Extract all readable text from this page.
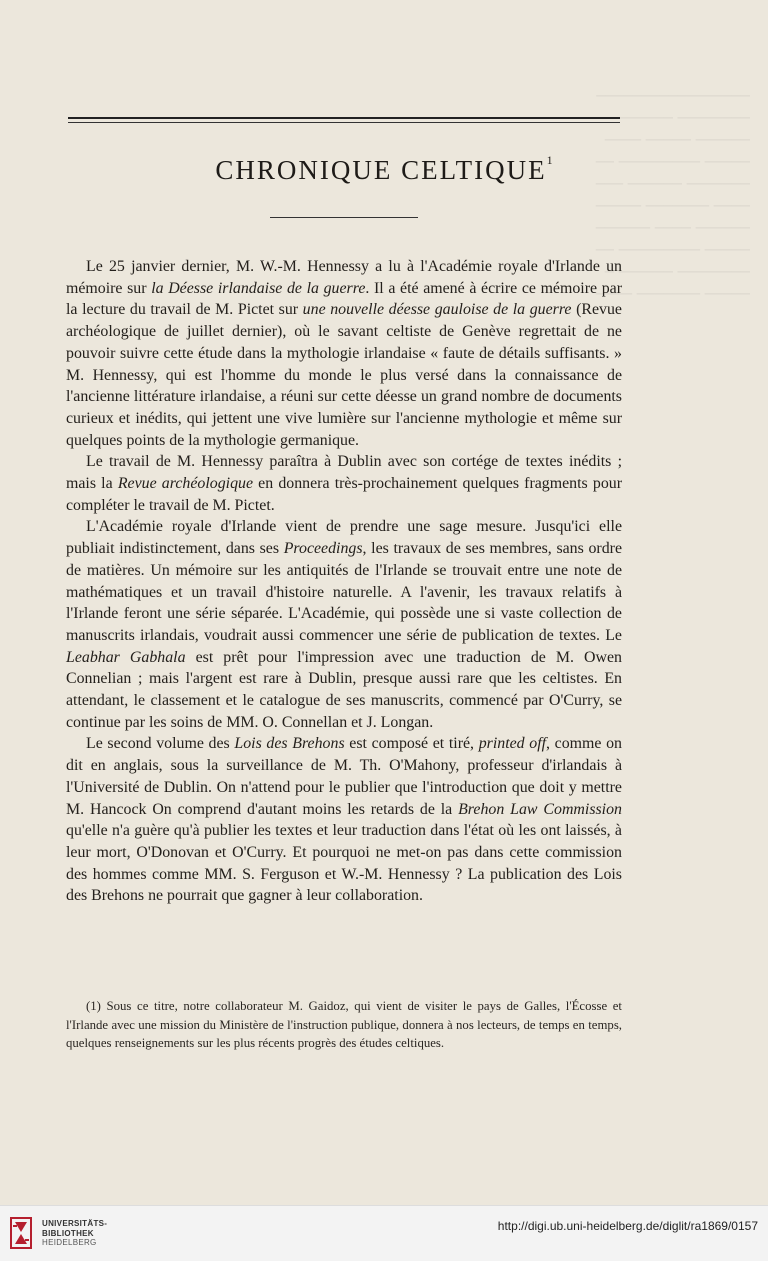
─────────────────
──────── ──────
────── ───── ────
───── ───────── ──
─────── ────── ───
──── ─────── ─────
────── ──── ──────
───── ───────── ──
──────── ────── ─
───── ─────── ────
CHRONIQUE CELTIQUE$^1$

Le 25 janvier dernier, M. W.-M. Hennessy a lu à l'Académie royale d'Irlande un mémoire sur la Déesse irlandaise de la guerre. Il a été amené à écrire ce mémoire par la lecture du travail de M. Pictet sur une nouvelle déesse gauloise de la guerre (Revue archéologique de juillet dernier), où le savant celtiste de Genève regrettait de ne pouvoir suivre cette étude dans la mythologie irlandaise « faute de détails suffisants. » M. Hennessy, qui est l'homme du monde le plus versé dans la connaissance de l'ancienne littérature irlandaise, a réuni sur cette déesse un grand nombre de documents curieux et inédits, qui jettent une vive lumière sur l'ancienne mythologie et même sur quelques points de la mythologie germanique.

Le travail de M. Hennessy paraîtra à Dublin avec son cortége de textes inédits ; mais la Revue archéologique en donnera très-prochainement quelques fragments pour compléter le travail de M. Pictet.

L'Académie royale d'Irlande vient de prendre une sage mesure. Jusqu'ici elle publiait indistinctement, dans ses Proceedings, les travaux de ses membres, sans ordre de matières. Un mémoire sur les antiquités de l'Irlande se trouvait entre une note de mathématiques et un travail d'histoire naturelle. A l'avenir, les travaux relatifs à l'Irlande feront une série séparée. L'Académie, qui possède une si vaste collection de manuscrits irlandais, voudrait aussi commencer une série de publication de textes. Le Leabhar Gabhala est prêt pour l'impression avec une traduction de M. Owen Connelian ; mais l'argent est rare à Dublin, presque aussi rare que les celtistes. En attendant, le classement et le catalogue de ses manuscrits, commencé par O'Curry, se continue par les soins de MM. O. Connellan et J. Longan.

Le second volume des Lois des Brehons est composé et tiré, printed off, comme on dit en anglais, sous la surveillance de M. Th. O'Mahony, professeur d'irlandais à l'Université de Dublin. On n'attend pour le publier que l'introduction que doit y mettre M. Hancock On comprend d'autant moins les retards de la Brehon Law Commission qu'elle n'a guère qu'à publier les textes et leur traduction dans l'état où les ont laissés, à leur mort, O'Donovan et O'Curry. Et pourquoi ne met-on pas dans cette commission des hommes comme MM. S. Ferguson et W.-M. Hennessy ? La publication des Lois des Brehons ne pourrait que gagner à leur collaboration.

(1) Sous ce titre, notre collaborateur M. Gaidoz, qui vient de visiter le pays de Galles, l'Écosse et l'Irlande avec une mission du Ministère de l'instruction publique, donnera à nos lecteurs, de temps en temps, quelques renseignements sur les plus récents progrès des études celtiques.

UNIVERSITÄTS-
BIBLIOTHEK
HEIDELBERG
http://digi.ub.uni-heidelberg.de/diglit/ra1869/0157
